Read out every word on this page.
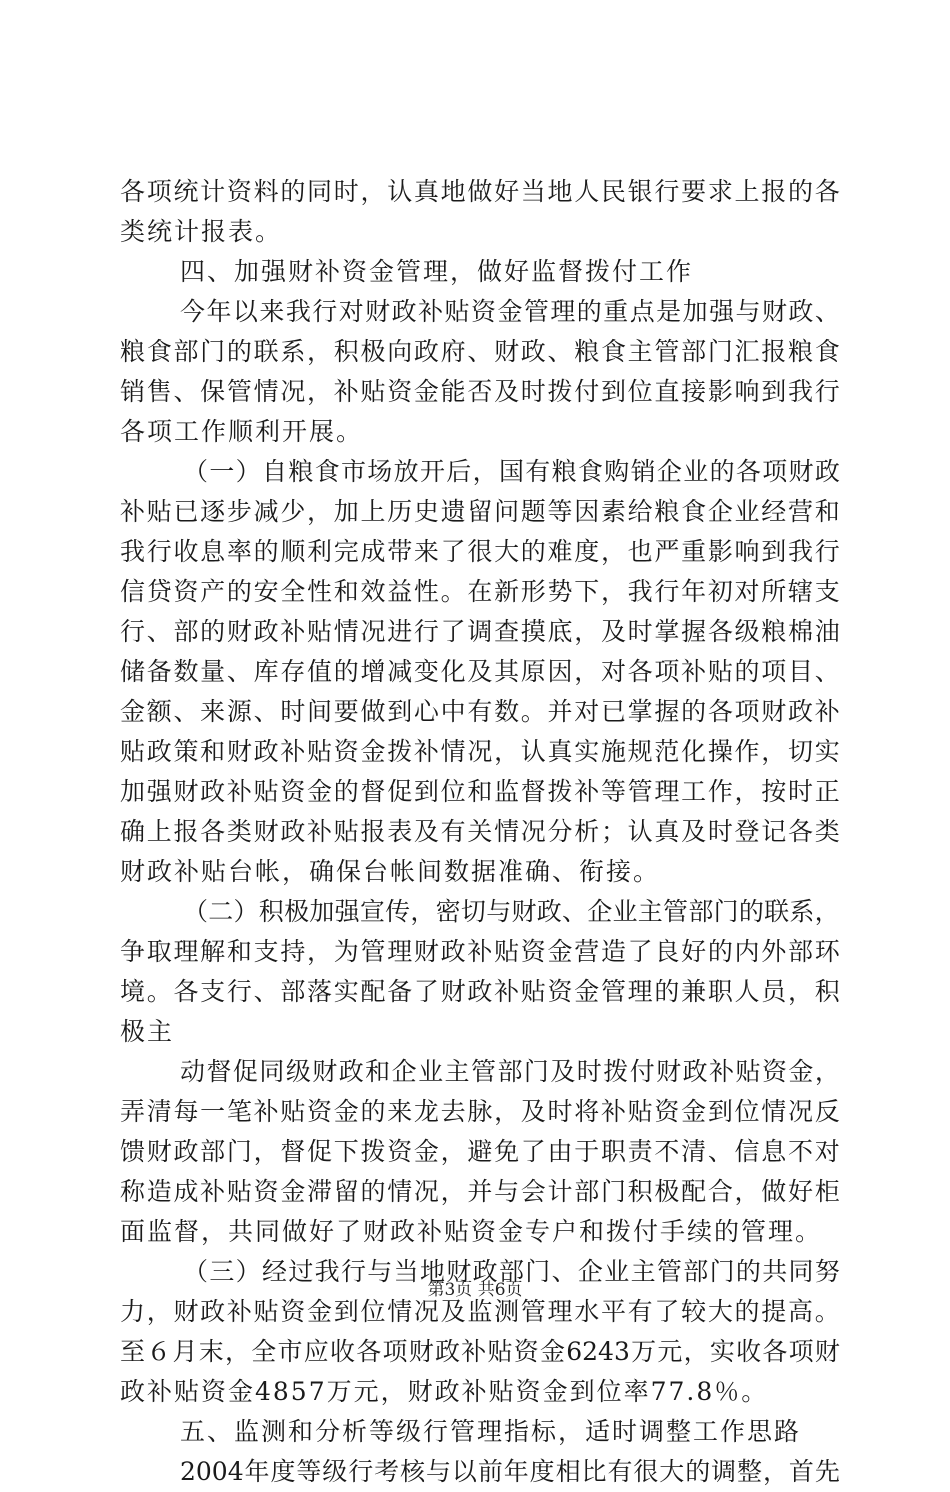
各 项 统 计 资 料 的 同 时 ， 认 真 地 做 好 当 地 人 民 银 行 要 求 上 报 的 各
类统计报表。
四、加强财补资金管理，做好监督拨付工作
今 年 以 来 我 行 对 财 政 补 贴 资 金 管 理 的 重 点 是 加 强 与 财 政 、
粮 食 部 门 的 联 系 ， 积 极 向 政 府 、 财 政 、 粮 食 主 管 部 门 汇 报 粮 食
销 售 、 保 管 情 况 ， 补 贴 资 金 能 否 及 时 拨 付 到 位 直 接 影 响 到 我 行
各项工作顺利开展。
（ 一 ） 自 粮 食 市 场 放 开 后 ， 国 有 粮 食 购 销 企 业 的 各 项 财 政
补 贴 已 逐 步 减 少 ， 加 上 历 史 遗 留 问 题 等 因 素 给 粮 食 企 业 经 营 和
我 行 收 息 率 的 顺 利 完 成 带 来 了 很 大 的 难 度 ， 也 严 重 影 响 到 我 行
信 贷 资 产 的 安 全 性 和 效 益 性 。 在 新 形 势 下 ， 我 行 年 初 对 所 辖 支
行 、 部 的 财 政 补 贴 情 况 进 行 了 调 查 摸 底 ， 及 时 掌 握 各 级 粮 棉 油
储 备 数 量 、 库 存 值 的 增 减 变 化 及 其 原 因 ， 对 各 项 补 贴 的 项 目 、
金 额 、 来 源 、 时 间 要 做 到 心 中 有 数 。 并 对 已 掌 握 的 各 项 财 政 补
贴 政 策 和 财 政 补 贴 资 金 拨 补 情 况 ， 认 真 实 施 规 范 化 操 作 ， 切 实
加 强 财 政 补 贴 资 金 的 督 促 到 位 和 监 督 拨 补 等 管 理 工 作 ， 按 时 正
确 上 报 各 类 财 政 补 贴 报 表 及 有 关 情 况 分 析 ； 认 真 及 时 登 记 各 类
财政补贴台帐，确保台帐间数据准确、衔接。
（ 二 ） 积 极 加 强 宣 传 ， 密 切 与 财 政 、 企 业 主 管 部 门 的 联 系 ，
争 取 理 解 和 支 持 ， 为 管 理 财 政 补 贴 资 金 营 造 了 良 好 的 内 外 部 环
境 。 各 支 行 、 部 落 实 配 备 了 财 政 补 贴 资 金 管 理 的 兼 职 人 员 ， 积
极主
动 督 促 同 级 财 政 和 企 业 主 管 部 门 及 时 拨 付 财 政 补 贴 资 金 ，
弄 清 每 一 笔 补 贴 资 金 的 来 龙 去 脉 ， 及 时 将 补 贴 资 金 到 位 情 况 反
馈 财 政 部 门 ， 督 促 下 拨 资 金 ， 避 免 了 由 于 职 责 不 清 、 信 息 不 对
称 造 成 补 贴 资 金 滞 留 的 情 况 ， 并 与 会 计 部 门 积 极 配 合 ， 做 好 柜
面监督，共同做好了财政补贴资金专户和拨付手续的管理。
（ 三 ） 经 过 我 行 与 当 地 财 政 部 门 、 企 业 主 管 部 门 的 共 同 努
力 ， 财 政 补 贴 资 金 到 位 情 况 及 监 测 管 理 水 平 有 了 较 大 的 提 高 。
至 ６ 月 末 ， 全 市 应 收 各 项 财 政 补 贴 资 金 6243 万 元 ， 实 收 各 项 财
政补贴资金4857万元，财政补贴资金到位率77.8％。
五、监测和分析等级行管理指标，适时调整工作思路
2004 年 度 等 级 行 考 核 与 以 前 年 度 相 比 有 很 大 的 调 整 ， 首 先
第3页 共6页
